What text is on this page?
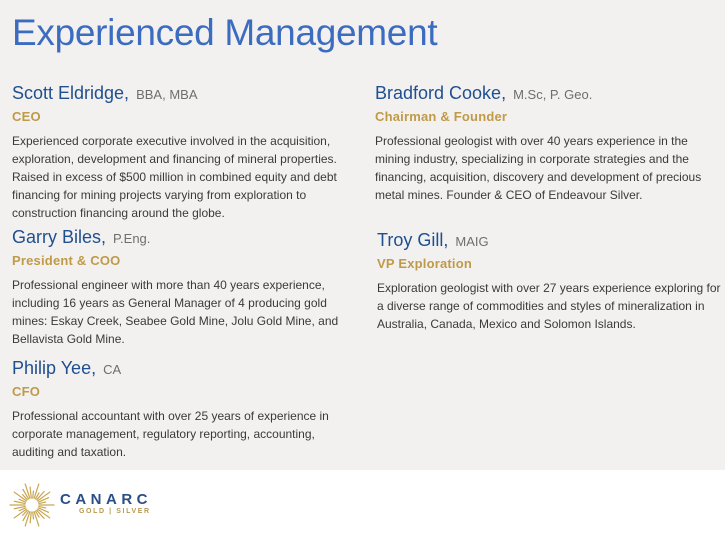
Experienced Management
Scott Eldridge, BBA, MBA
CEO
Experienced corporate executive involved in the acquisition, exploration, development and financing of mineral properties. Raised in excess of $500 million in combined equity and debt financing for mining projects varying from exploration to construction financing around the globe.
Bradford Cooke, M.Sc, P. Geo.
Chairman & Founder
Professional geologist with over 40 years experience in the mining industry, specializing in corporate strategies and the financing, acquisition, discovery and development of precious metal mines. Founder & CEO of Endeavour Silver.
Garry Biles, P.Eng.
President & COO
Professional engineer with more than 40 years experience, including 16 years as General Manager of 4 producing gold mines: Eskay Creek, Seabee Gold Mine, Jolu Gold Mine, and Bellavista Gold Mine.
Troy Gill, MAIG
VP Exploration
Exploration geologist with over 27 years experience exploring for a diverse range of commodities and styles of mineralization in Australia, Canada, Mexico and Solomon Islands.
Philip Yee, CA
CFO
Professional accountant with over 25 years of experience in corporate management, regulatory reporting, accounting, auditing and taxation.
CANARC
GOLD | SILVER
